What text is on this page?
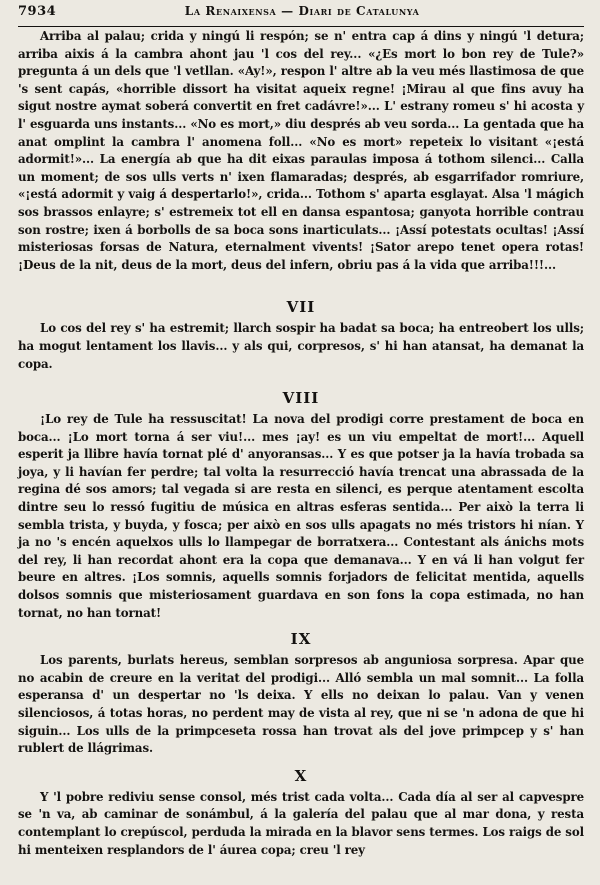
7934	La Renaixensa — Diari de Catalunya

Arriba al palau; crida y ningú li respón; se n' entra cap á dins y ningú 'l detura; arriba aixis á la cambra ahont jau 'l cos del rey... «¿Es mort lo bon rey de Tule?» pregunta á un dels que 'l vetllan. «Ay!», respon l' altre ab la veu més llastimosa de que 's sent capás, «horrible dissort ha visitat aqueix regne! ¡Mirau al que fins avuy ha sigut nostre aymat soberá convertit en fret cadávre!»... L' estrany romeu s' hi acosta y l' esguarda uns instants... «No es mort,» diu després ab veu sorda... La gentada que ha anat omplint la cambra l' anomena foll... «No es mort» repeteix lo visitant «¡está adormit!»... La energía ab que ha dit eixas paraulas imposa á tothom silenci... Calla un moment; de sos ulls verts n' ixen flamaradas; després, ab esgarrifador romriure, «¡está adormit y vaig á despertarlo!», crida... Tothom s' aparta esglayat. Alsa 'l mágich sos brassos enlayre; s' estremeix tot ell en dansa espantosa; ganyota horrible contrau son rostre; ixen á borbolls de sa boca sons inarticulats... ¡Assí potestats ocultas! ¡Assí misteriosas forsas de Natura, eternalment vivents! ¡Sator arepo tenet opera rotas! ¡Deus de la nit, deus de la mort, deus del infern, obriu pas á la vida que arriba!!!...

VII

Lo cos del rey s' ha estremit; llarch sospir ha badat sa boca; ha entreobert los ulls; ha mogut lentament los llavis... y als qui, corpresos, s' hi han atansat, ha demanat la copa.

VIII

¡Lo rey de Tule ha ressuscitat! La nova del prodigi corre prestament de boca en boca... ¡Lo mort torna á ser viu!... mes ¡ay! es un viu empeltat de mort!... Aquell esperit ja llibre havía tornat plé d' anyoransas... Y es que potser ja la havía trobada sa joya, y li havían fer perdre; tal volta la resurrecció havía trencat una abrassada de la regina dé sos amors; tal vegada si are resta en silenci, es perque atentament escolta dintre seu lo ressó fugitiu de música en altras esferas sentida... Per això la terra li sembla trista, y buyda, y fosca; per això en sos ulls apagats no més tristors hi nían. Y ja no 's encén aquelxos ulls lo llampegar de borratxera... Contestant als ánichs mots del rey, li han recordat ahont era la copa que demanava... Y en vá li han volgut fer beure en altres. ¡Los somnis, aquells somnis forjadors de felicitat mentida, aquells dolsos somnis que misteriosament guardava en son fons la copa estimada, no han tornat, no han tornat!

IX

Los parents, burlats hereus, semblan sorpresos ab anguniosa sorpresa. Apar que no acabin de creure en la veritat del prodigi... Alló sembla un mal somnit... La folla esperansa d' un despertar no 'ls deixa. Y ells no deixan lo palau. Van y venen silenciosos, á totas horas, no perdent may de vista al rey, que ni se 'n adona de que hi siguin... Los ulls de la primpceseta rossa han trovat als del jove primpcep y s' han rublert de llágrimas.

X

Y 'l pobre rediviu sense consol, més trist cada volta... Cada día al ser al capvespre se 'n va, ab caminar de sonámbul, á la galería del palau que al mar dona, y resta contemplant lo crepúscol, perduda la mirada en la blavor sens termes. Los raigs de sol hi menteixen resplandors de l' áurea copa; creu 'l rey
